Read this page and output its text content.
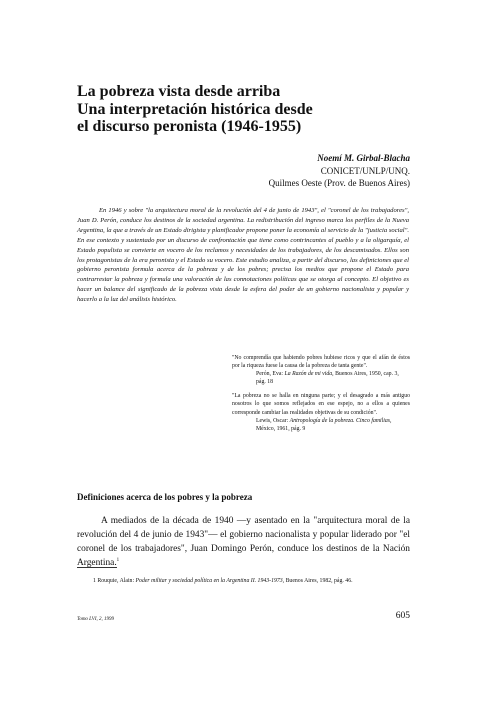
La pobreza vista desde arriba
Una interpretación histórica desde
el discurso peronista (1946-1955)
Noemí M. Girbal-Blacha
CONICET/UNLP/UNQ.
Quilmes Oeste (Prov. de Buenos Aires)

En 1946 y sobre "la arquitectura moral de la revolución del 4 de junio de 1943", el "coronel de los trabajadores", Juan D. Perón, conduce los destinos de la sociedad argentina. La redistribución del ingreso marca los perfiles de la Nueva Argentina, la que a través de un Estado dirigista y planificador propone poner la economía al servicio de la "justicia social". En ese contexto y sustentado por un discurso de confrontación que tiene como contrincantes al pueblo y a la oligarquía, el Estado populista se convierte en vocero de los reclamos y necesidades de los trabajadores, de los descamisados. Ellos son los protagonistas de la era peronista y el Estado su vocero. Este estudio analiza, a partir del discurso, las definiciones que el gobierno peronista formula acerca de la pobreza y de los pobres; precisa los medios que propone el Estado para contrarrestar la pobreza y formula una valoración de las connotaciones políticas que se otorga al concepto. El objetivo es hacer un balance del significado de la pobreza vista desde la esfera del poder de un gobierno nacionalista y popular y hacerlo a la luz del análisis histórico.

"No comprendía que habiendo pobres hubiese ricos y que el afán de éstos por la riqueza fuese la causa de la pobreza de tanta gente".

Perón, Eva: La Razón de mi vida, Buenos Aires, 1950, cap. 3, pág. 18

"La pobreza no se halla en ninguna parte; y el desagrado a más antiguo nosotros lo que somos reflejados en ese espejo, no a ellos a quienes corresponde cambiar las realidades objetivas de su condición".

Lewis, Oscar: Antropología de la pobreza. Cinco familias, México, 1961, pág. 9

Definiciones acerca de los pobres y la pobreza

A mediados de la década de 1940 —y asentado en la "arquitectura moral de la revolución del 4 de junio de 1943"— el gobierno nacionalista y popular liderado por "el coronel de los trabajadores", Juan Domingo Perón, conduce los destinos de la Nación Argentina.$^1$

1 Rouquie, Alain: Poder militar y sociedad política en la Argentina II. 1943-1973, Buenos Aires, 1982, pág. 46.

Tomo LVI, 2, 1999	605
